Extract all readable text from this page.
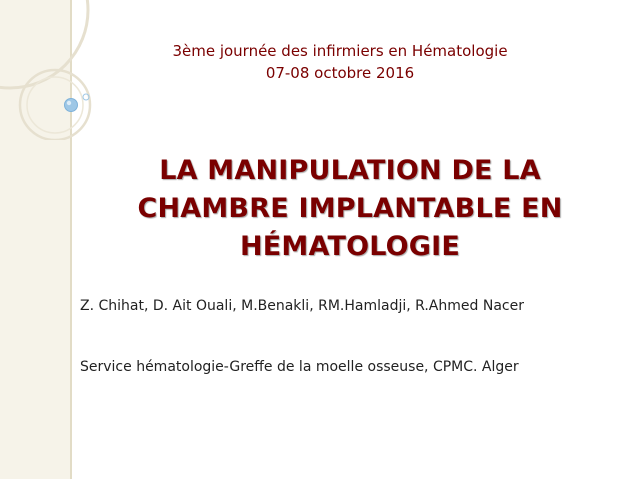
3ème journée des infirmiers en Hématologie
07-08 octobre 2016
LA MANIPULATION DE LA
CHAMBRE IMPLANTABLE EN
HÉMATOLOGIE
Z. Chihat, D. Ait Ouali, M.Benakli, RM.Hamladji, R.Ahmed Nacer
Service hématologie-Greffe de la moelle osseuse, CPMC. Alger
